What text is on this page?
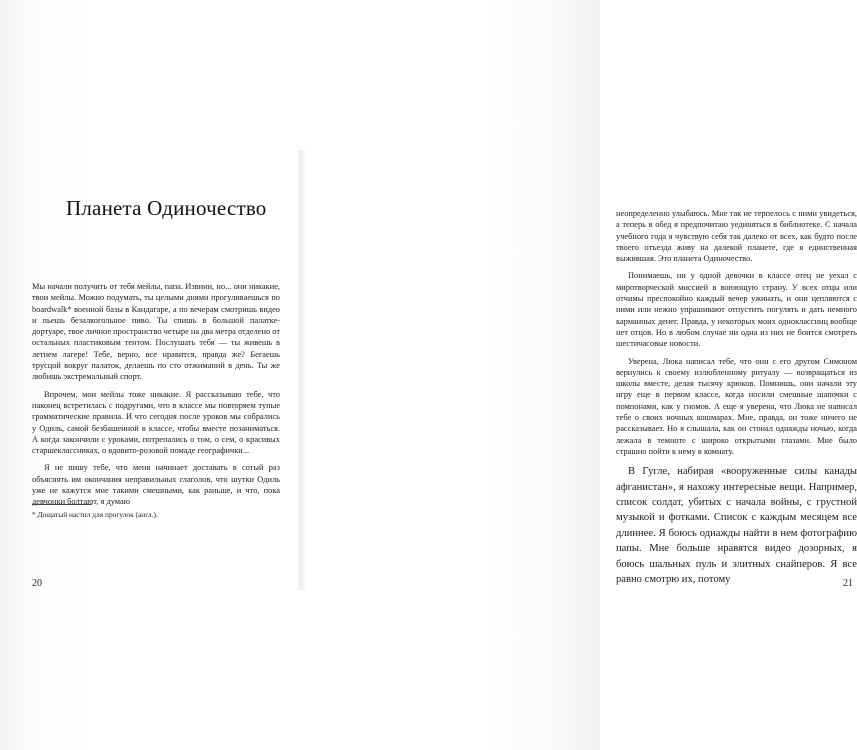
Планета Одиночество

Мы начали получить от тебя мейлы, папа. Извини, но... они никакие, твои мейлы. Можно подумать, ты целыми днями прогуливаешься по boardwalk* военной базы в Кандагаре, а по вечерам смотришь видео и пьешь безалкогольное пиво. Ты спишь в большой палатке-дортуаре, твое личное пространство четыре на два метра отделено от остальных пластиковым тентом. Послушать тебя — ты живешь в летнем лагере! Тебе, верно, все нравится, правда же? Бегаешь трусцой вокруг палаток, делаешь по сто отжиманий в день. Ты же любишь экстремальный спорт.

Впрочем, мои мейлы тоже никакие. Я рассказываю тебе, что наконец встретилась с подругами, что в классе мы повторяем тупые грамматические правила. И что сегодня после уроков мы собрались у Одиль, самой безбашенной в классе, чтобы вместе позаниматься. А когда закончили с уроками, потрепались о том, о сем, о красивых старшеклассниках, о ядовито-розовой помаде географички...

Я не пишу тебе, что меня начинает доставать в сотый раз объяснять им окончания неправильных глаголов, что шутки Одиль уже не кажутся мне такими смешными, как раньше, и что, пока девчонки болтают, я думаю

* Дощатый настил для прогулок (англ.).
20

неопределенно улыбаюсь. Мне так не терпелось с ними увидеться, а теперь в обед я предпочитаю уединяться в библиотеке. С начала учебного года я чувствую себя так далеко от всех, как будто после твоего отъезда живу на далекой планете, где я единственная выжившая. Это планета Одиночество.

Понимаешь, ни у одной девочки в классе отец не уехал с миротворческой миссией в воюющую страну. У всех отцы или отчимы преспокойно каждый вечер ужинать, и они цепляются с ними или нежно упрашивают отпустить погулять и дать немного карманных денег. Правда, у некоторых моих одноклассниц вообще нет отцов. Но в любом случае ни одна из них не боится смотреть шестичасовые новости.

Уверена, Люка написал тебе, что они с его другом Симоном вернулись к своему излюбленному ритуалу — возвращаться из школы вместе, делая тысячу крюков. Помнишь, они начали эту игру еще в первом классе, когда носили смешные шапочки с помпонами, как у гномов. А еще я уверена, что Люка не написал тебе о своих ночных кошмарах. Мне, правда, он тоже ничего не рассказывает. Но я слышала, как он стонал однажды ночью, когда лежала в темноте с широко открытыми глазами. Мне было страшно пойти к нему в комнату.

В Гугле, набирая «вооруженные силы канады афганистан», я нахожу интересные вещи. Например, список солдат, убитых с начала войны, с грустной музыкой и фотками. Список с каждым месяцем все длиннее. Я боюсь однажды найти в нем фотографию папы. Мне больше нравятся видео дозорных, я боюсь шальных пуль и элитных снайперов. Я все равно смотрю их, потому	21
